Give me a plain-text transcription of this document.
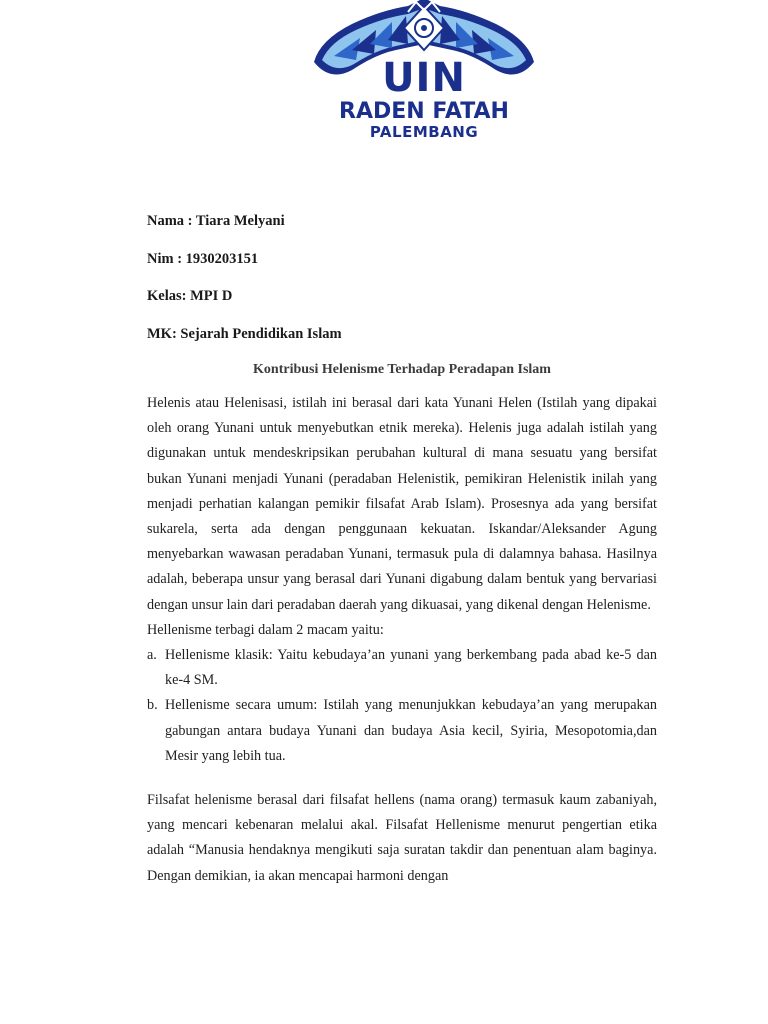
UIN
RADEN FATAH
PALEMBANG
Nama : Tiara Melyani
Nim : 1930203151
Kelas: MPI D
MK: Sejarah Pendidikan Islam
Kontribusi Helenisme Terhadap Peradapan Islam

Helenis atau Helenisasi, istilah ini berasal dari kata Yunani Helen (Istilah yang dipakai oleh orang Yunani untuk menyebutkan etnik mereka). Helenis juga adalah istilah yang digunakan untuk mendeskripsikan perubahan kultural di mana sesuatu yang bersifat bukan Yunani menjadi Yunani (peradaban Helenistik, pemikiran Helenistik inilah yang menjadi perhatian kalangan pemikir filsafat Arab Islam). Prosesnya ada yang bersifat sukarela, serta ada dengan penggunaan kekuatan. Iskandar/Aleksander Agung menyebarkan wawasan peradaban Yunani, termasuk pula di dalamnya bahasa. Hasilnya adalah, beberapa unsur yang berasal dari Yunani digabung dalam bentuk yang bervariasi dengan unsur lain dari peradaban daerah yang dikuasai, yang dikenal dengan Helenisme.

Hellenisme terbagi dalam 2 macam yaitu:

a. Hellenisme klasik: Yaitu kebudaya’an yunani yang berkembang pada abad ke-5 dan ke-4 SM.
b. Hellenisme secara umum: Istilah yang menunjukkan kebudaya’an yang merupakan gabungan antara budaya Yunani dan budaya Asia kecil, Syiria, Mesopotomia,dan Mesir yang lebih tua.

Filsafat helenisme berasal dari filsafat hellens (nama orang) termasuk kaum zabaniyah, yang mencari kebenaran melalui akal. Filsafat Hellenisme menurut pengertian etika adalah “Manusia hendaknya mengikuti saja suratan takdir dan penentuan alam baginya. Dengan demikian, ia akan mencapai harmoni dengan
